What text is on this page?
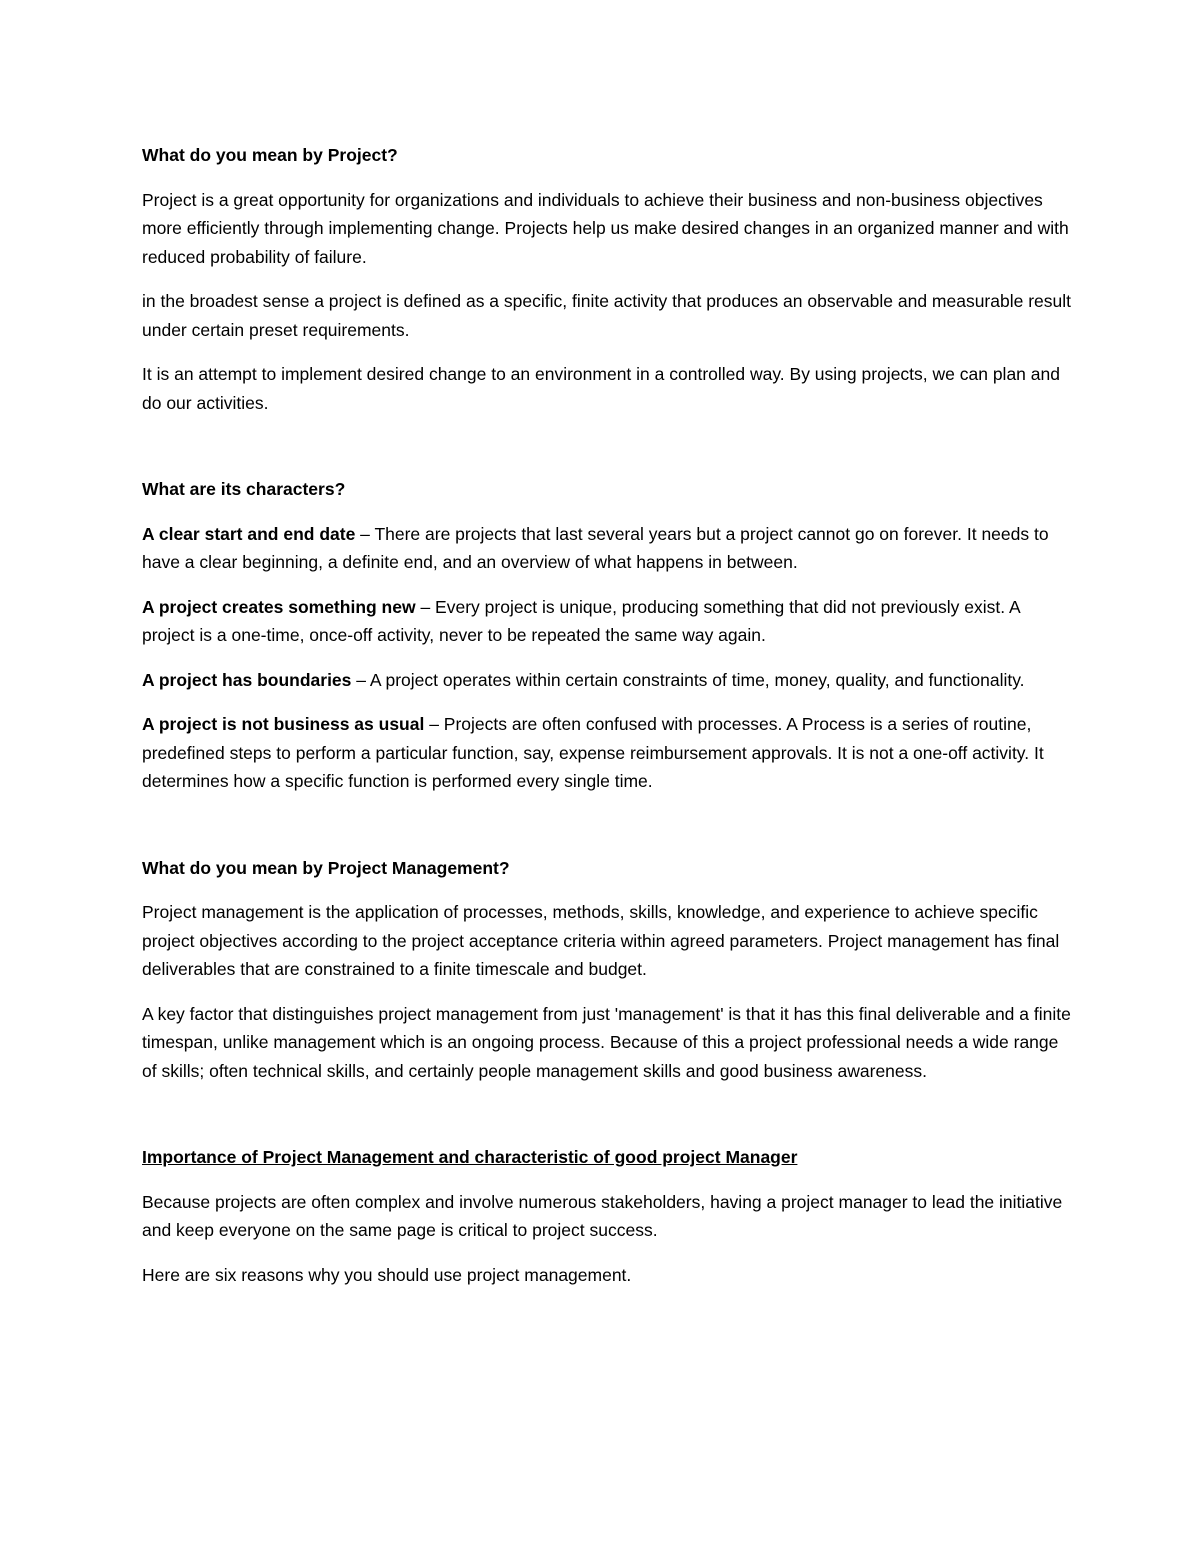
What do you mean by Project?

Project is a great opportunity for organizations and individuals to achieve their business and non-business objectives more efficiently through implementing change. Projects help us make desired changes in an organized manner and with reduced probability of failure.

in the broadest sense a project is defined as a specific, finite activity that produces an observable and measurable result under certain preset requirements.

It is an attempt to implement desired change to an environment in a controlled way. By using projects, we can plan and do our activities.

What are its characters?

A clear start and end date – There are projects that last several years but a project cannot go on forever. It needs to have a clear beginning, a definite end, and an overview of what happens in between.

A project creates something new – Every project is unique, producing something that did not previously exist. A project is a one-time, once-off activity, never to be repeated the same way again.

A project has boundaries – A project operates within certain constraints of time, money, quality, and functionality.

A project is not business as usual – Projects are often confused with processes. A Process is a series of routine, predefined steps to perform a particular function, say, expense reimbursement approvals. It is not a one-off activity. It determines how a specific function is performed every single time.

What do you mean by Project Management?

Project management is the application of processes, methods, skills, knowledge, and experience to achieve specific project objectives according to the project acceptance criteria within agreed parameters. Project management has final deliverables that are constrained to a finite timescale and budget.

A key factor that distinguishes project management from just 'management' is that it has this final deliverable and a finite timespan, unlike management which is an ongoing process. Because of this a project professional needs a wide range of skills; often technical skills, and certainly people management skills and good business awareness.

Importance of Project Management and characteristic of good project Manager

Because projects are often complex and involve numerous stakeholders, having a project manager to lead the initiative and keep everyone on the same page is critical to project success.

Here are six reasons why you should use project management.
